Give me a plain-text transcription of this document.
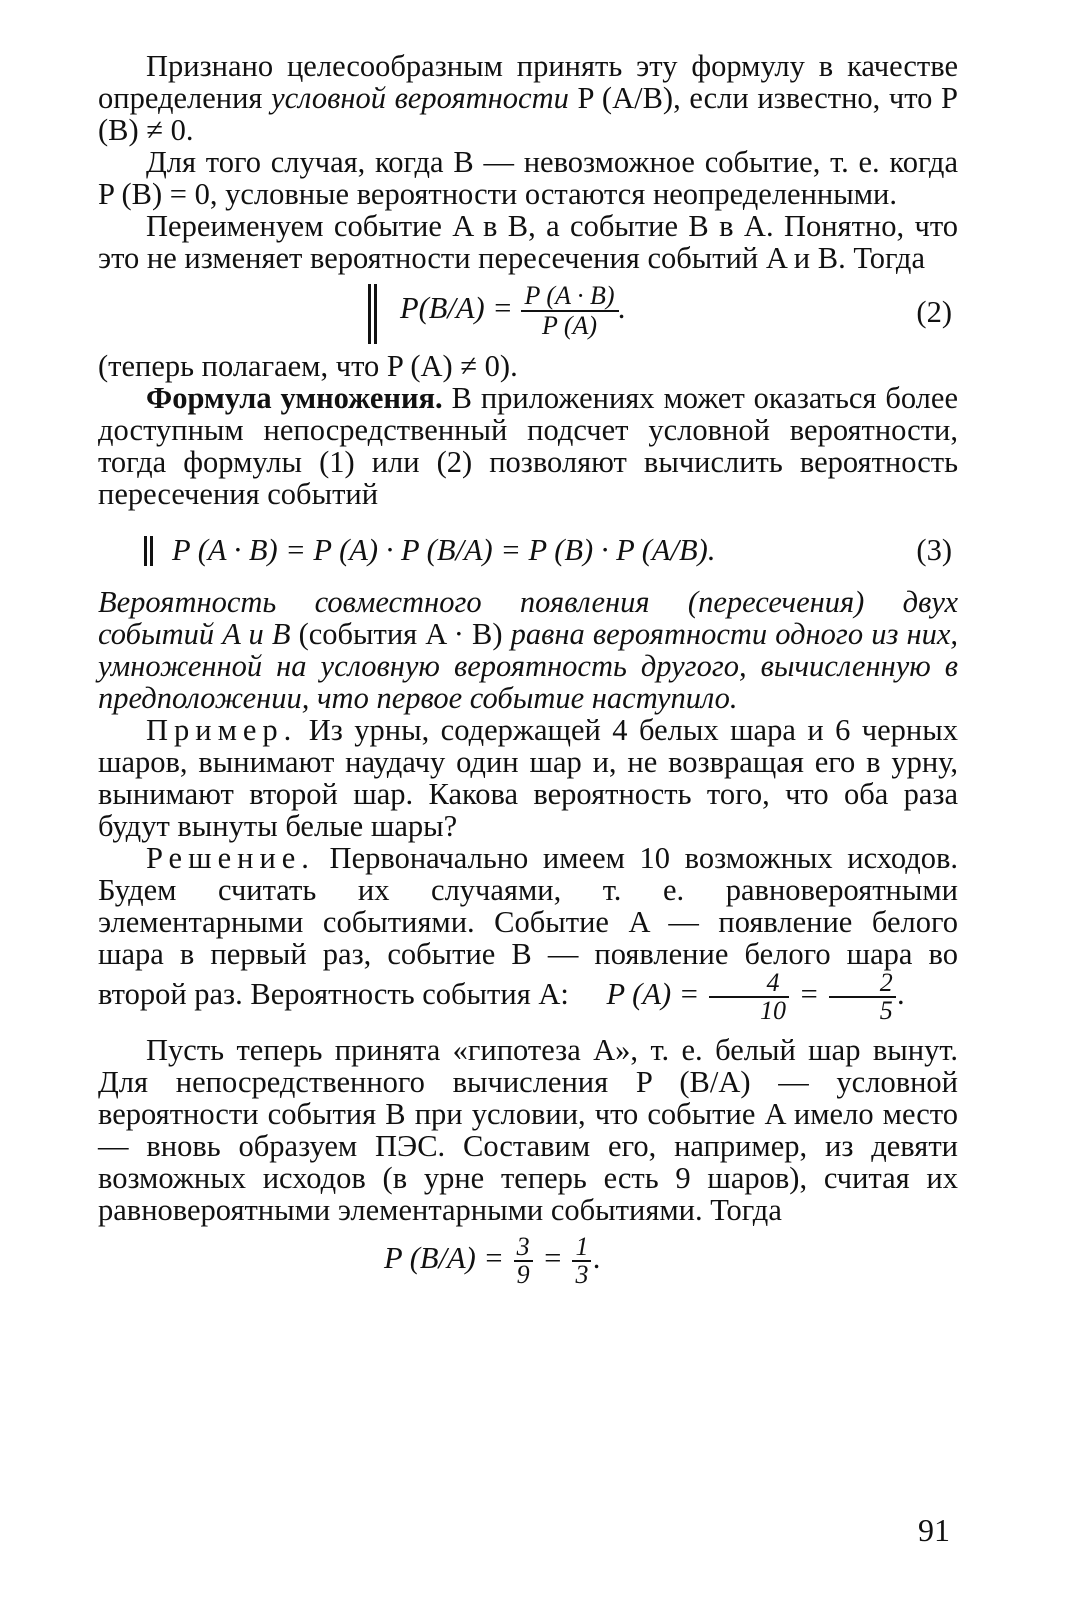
Признано целесообразным принять эту формулу в качестве определения условной вероятности P (A/B), если известно, что P (B) ≠ 0.

Для того случая, когда B — невозможное событие, т. е. когда P (B) = 0, условные вероятности остаются неопределенными.

Переименуем событие A в B, а событие B в A. Понятно, что это не изменяет вероятности пересечения событий A и B. Тогда

$P(B/A) = \frac{P (A \cdot B)}{P (A)}$ .	(2)

(теперь полагаем, что P (A) ≠ 0).

Формула умножения. В приложениях может оказаться более доступным непосредственный подсчет условной вероятности, тогда формулы (1) или (2) позволяют вычислить вероятность пересечения событий

P (A · B) = P (A) · P (B/A) = P (B) · P (A/B).	(3)

Вероятность совместного появления (пересечения) двух событий A и B (события A · B) равна вероятности одного из них, умноженной на условную вероятность другого, вычисленную в предположении, что первое событие наступило.

Пример. Из урны, содержащей 4 белых шара и 6 черных шаров, вынимают наудачу один шар и, не возвращая его в урну, вынимают второй шар. Какова вероятность того, что оба раза будут вынуты белые шары?

Решение. Первоначально имеем 10 возможных исходов. Будем считать их случаями, т. е. равновероятными элементарными событиями. Событие A — появление белого шара в первый раз, событие B — появление белого шара во второй раз. Вероятность события A: P $(A) = \frac{4}{10} = \frac{2}{5}$ .

Пусть теперь принята «гипотеза A», т. е. белый шар вынут. Для непосредственного вычисления P (B/A) — условной вероятности события B при условии, что событие A имело место — вновь образуем ПЭС. Составим его, например, из девяти возможных исходов (в урне теперь есть 9 шаров), считая их равновероятными элементарными событиями. Тогда

P $(B/A) = \frac{3}{9} = \frac{1}{3}$ .
91
